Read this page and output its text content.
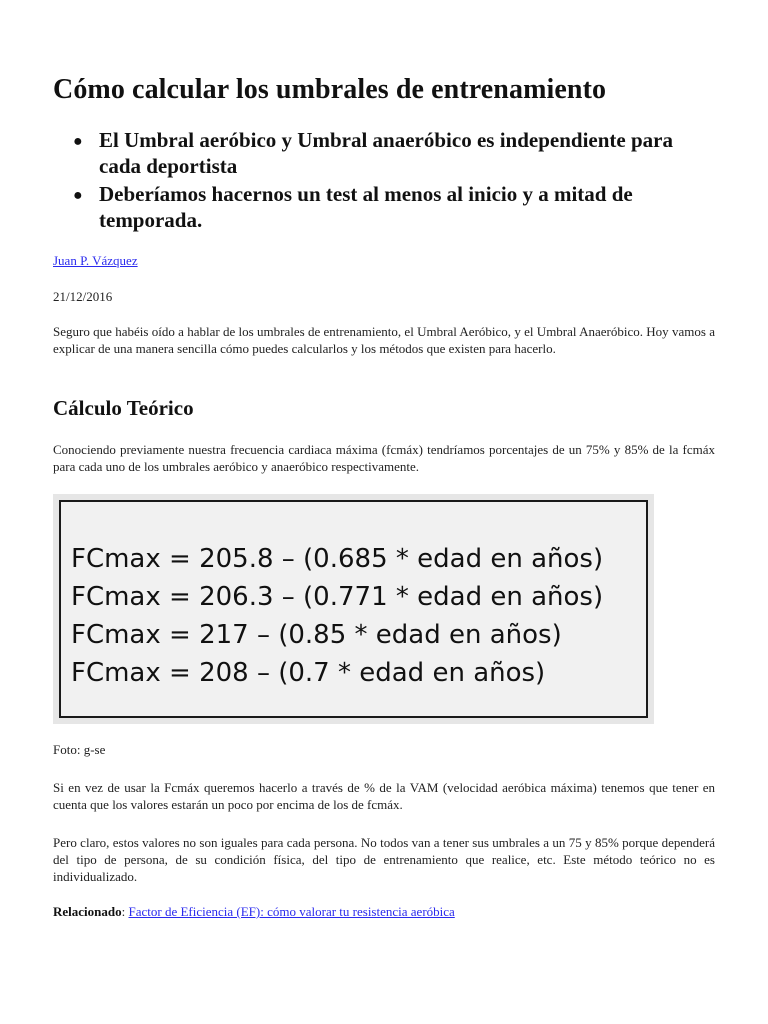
Cómo calcular los umbrales de entrenamiento
● El Umbral aeróbico y Umbral anaeróbico es independiente para cada deportista
● Deberíamos hacernos un test al menos al inicio y a mitad de temporada.
Juan P. Vázquez
21/12/2016

Seguro que habéis oído a hablar de los umbrales de entrenamiento, el Umbral Aeróbico, y el Umbral Anaeróbico. Hoy vamos a explicar de una manera sencilla cómo puedes calcularlos y los métodos que existen para hacerlo.

Cálculo Teórico

Conociendo previamente nuestra frecuencia cardiaca máxima (fcmáx) tendríamos porcentajes de un 75% y 85% de la fcmáx para cada uno de los umbrales aeróbico y anaeróbico respectivamente.

FCmax = 205.8 – (0.685 * edad en años)
FCmax = 206.3 – (0.771 * edad en años)
FCmax = 217 – (0.85 * edad en años)
FCmax = 208 – (0.7 * edad en años)
Foto: g-se

Si en vez de usar la Fcmáx queremos hacerlo a través de % de la VAM (velocidad aeróbica máxima) tenemos que tener en cuenta que los valores estarán un poco por encima de los de fcmáx.

Pero claro, estos valores no son iguales para cada persona. No todos van a tener sus umbrales a un 75 y 85% porque dependerá del tipo de persona, de su condición física, del tipo de entrenamiento que realice, etc. Este método teórico no es individualizado.

Relacionado: Factor de Eficiencia (EF): cómo valorar tu resistencia aeróbica
